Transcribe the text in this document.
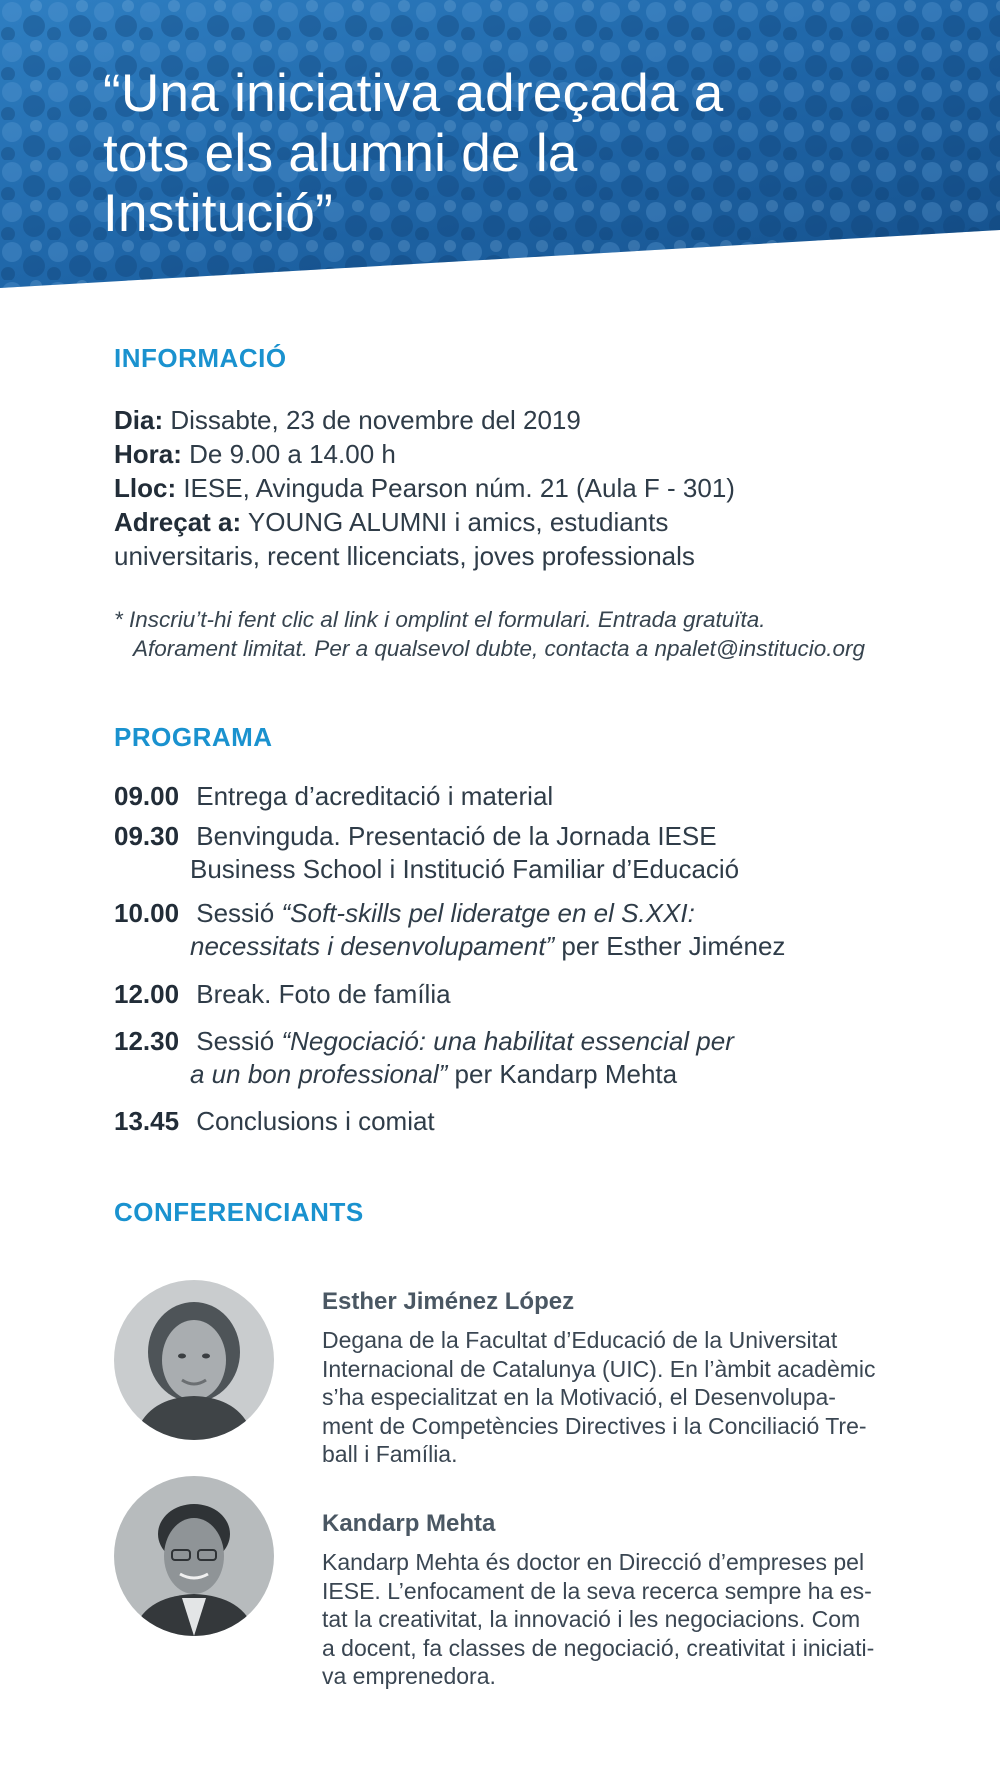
“Una iniciativa adreçada a tots els alumni de la Institució”
INFORMACIÓ
Dia: Dissabte, 23 de novembre del 2019
Hora: De 9.00 a 14.00 h
Lloc: IESE, Avinguda Pearson núm. 21 (Aula F - 301)
Adreçat a: YOUNG ALUMNI i amics, estudiants
universitaris, recent llicenciats, joves professionals
* Inscriu’t-hi fent clic al link i omplint el formulari. Entrada gratuïta.
Aforament limitat. Per a qualsevol dubte, contacta a npalet@institucio.org
PROGRAMA
09.00 Entrega d’acreditació i material
09.30 Benvinguda. Presentació de la Jornada IESE
Business School i Institució Familiar d’Educació
10.00 Sessió “Soft-skills pel lideratge en el S.XXI:
necessitats i desenvolupament” per Esther Jiménez
12.00 Break. Foto de família
12.30 Sessió “Negociació: una habilitat essencial per
a un bon professional” per Kandarp Mehta
13.45 Conclusions i comiat
CONFERENCIANTS

Esther Jiménez López

Degana de la Facultat d’Educació de la Universitat
Internacional de Catalunya (UIC). En l’àmbit acadèmic
s’ha especialitzat en la Motivació, el Desenvolupa-
ment de Competències Directives i la Conciliació Tre-
ball i Família.

Kandarp Mehta

Kandarp Mehta és doctor en Direcció d’empreses pel
IESE. L’enfocament de la seva recerca sempre ha es-
tat la creativitat, la innovació i les negociacions. Com
a docent, fa classes de negociació, creativitat i iniciati-
va emprenedora.
